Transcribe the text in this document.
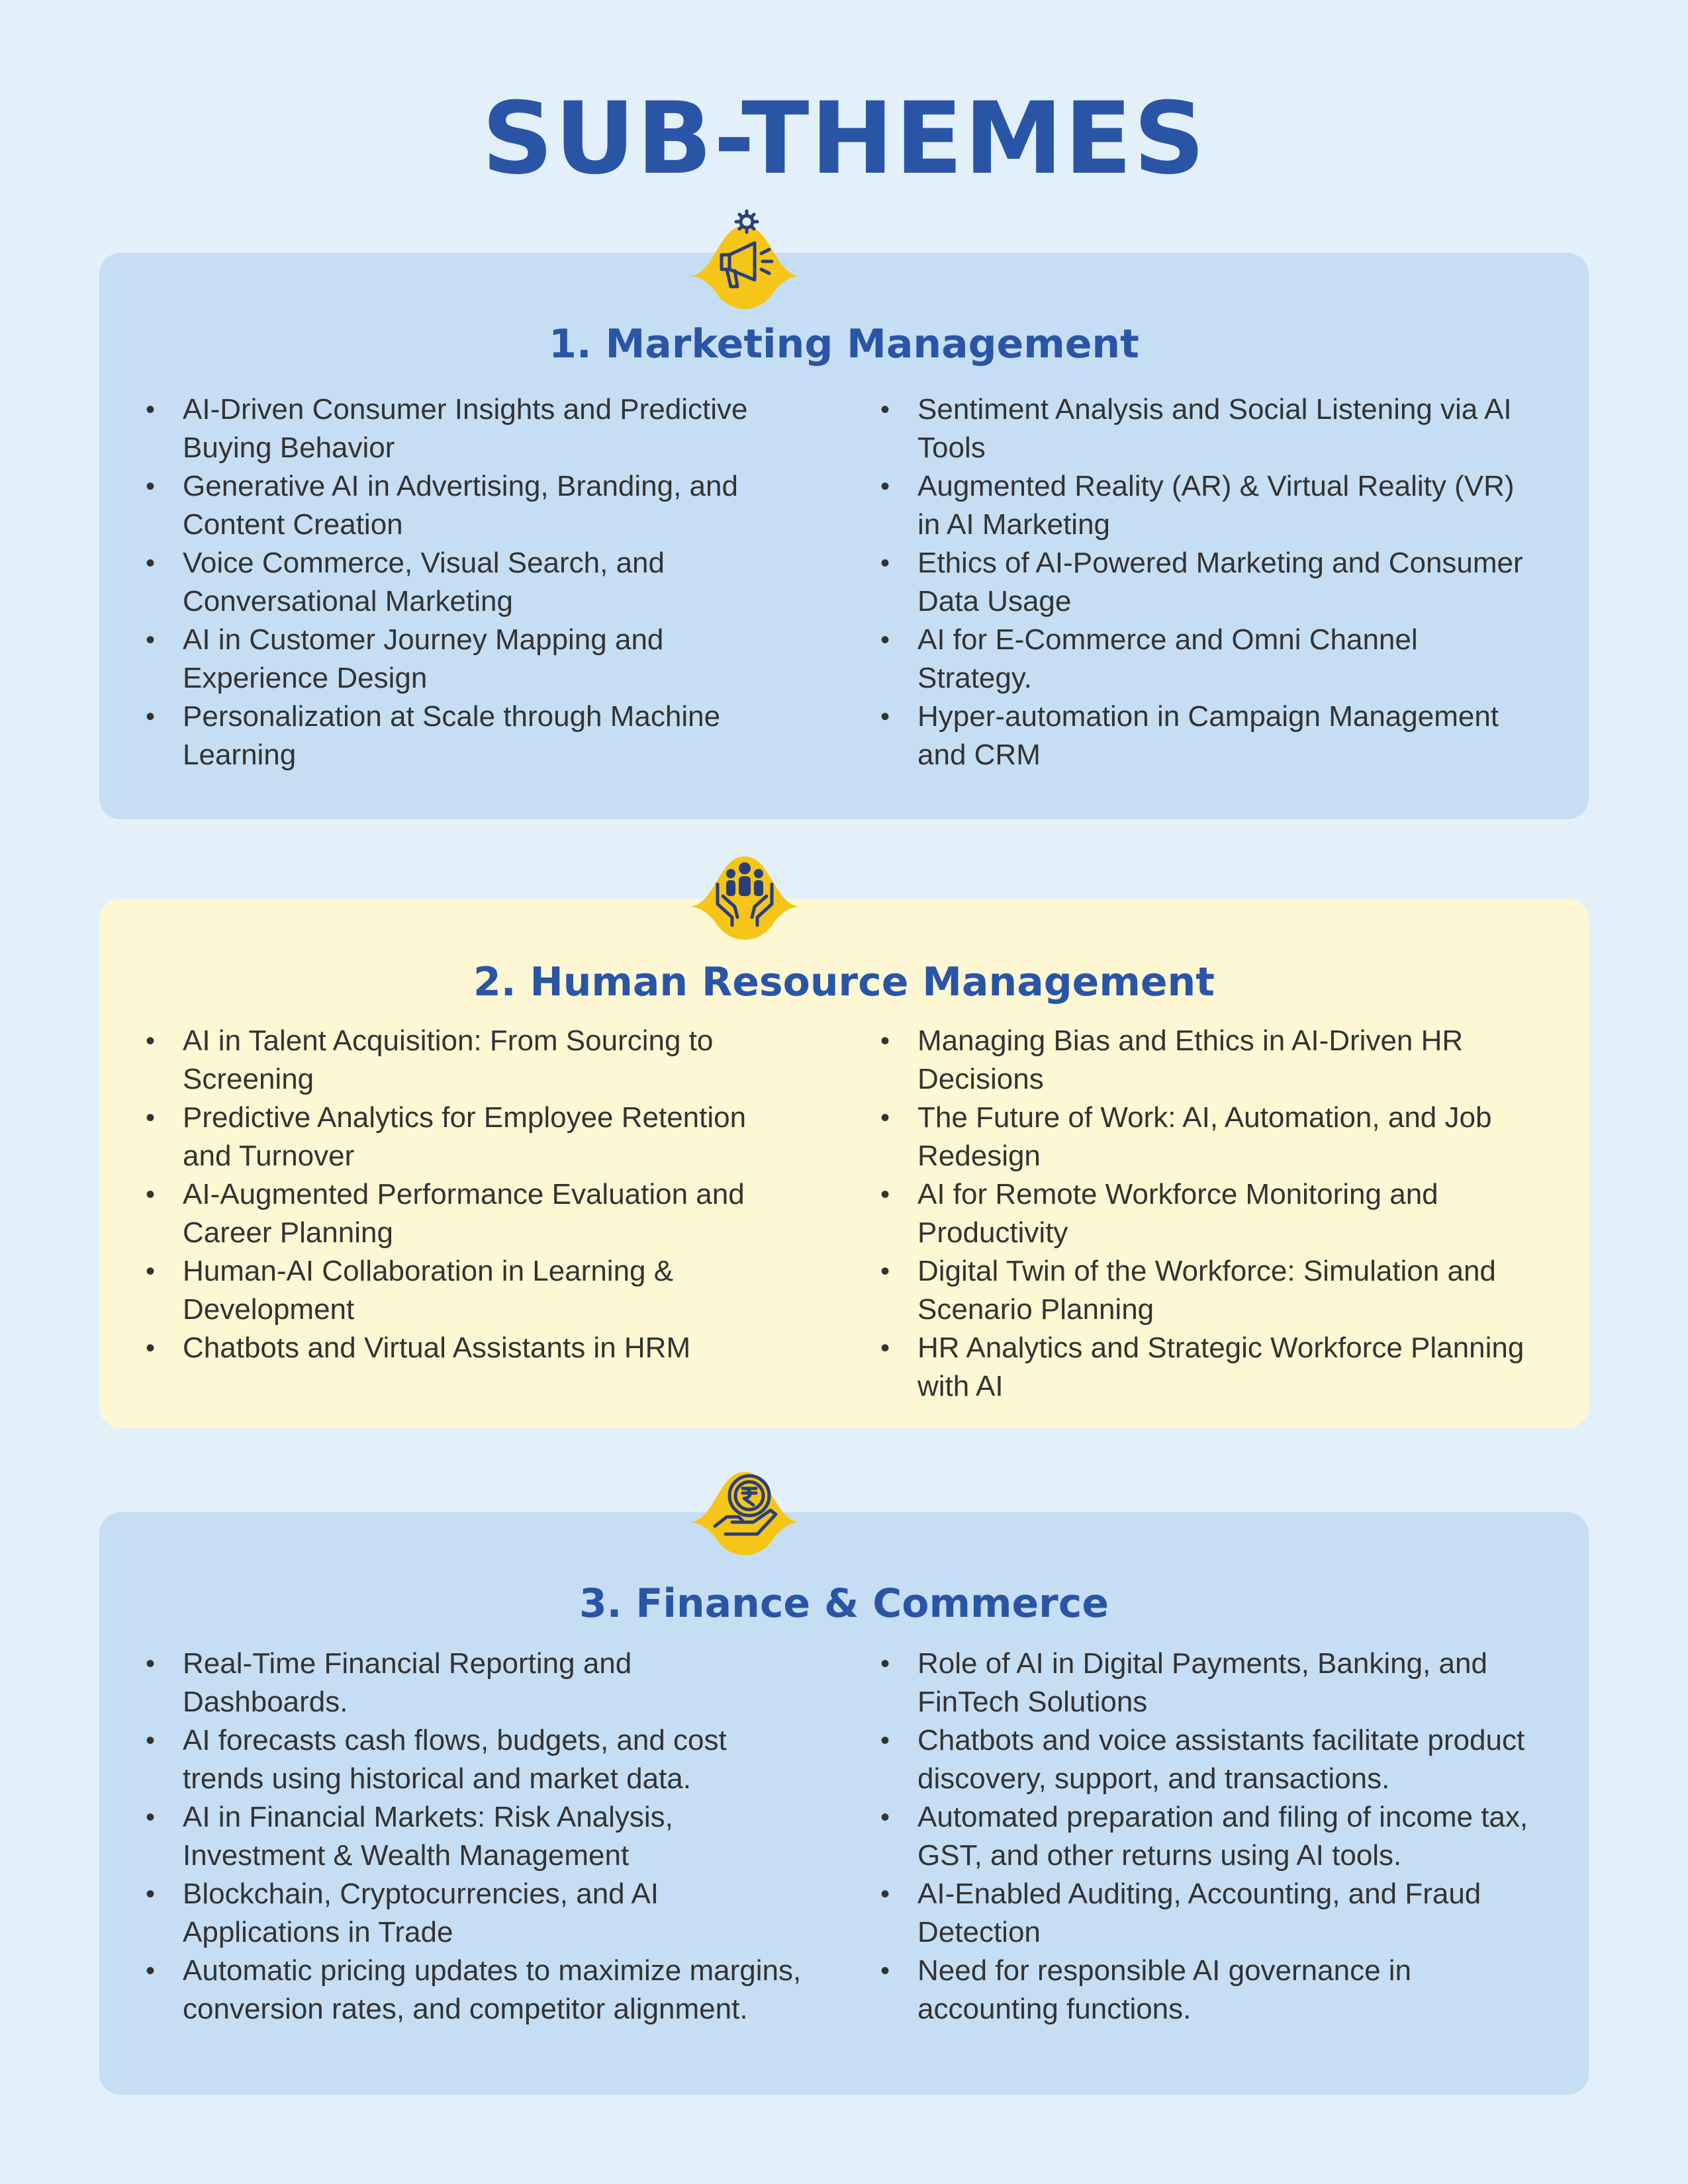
SUB-THEMES
1. Marketing Management
• AI-Driven Consumer Insights and Predictive Buying Behavior
• Generative AI in Advertising, Branding, and Content Creation
• Voice Commerce, Visual Search, and Conversational Marketing
• AI in Customer Journey Mapping and Experience Design
• Personalization at Scale through Machine Learning
• Sentiment Analysis and Social Listening via AI Tools
• Augmented Reality (AR) & Virtual Reality (VR) in AI Marketing
• Ethics of AI-Powered Marketing and Consumer Data Usage
• AI for E-Commerce and Omni Channel Strategy.
• Hyper-automation in Campaign Management and CRM
2. Human Resource Management
• AI in Talent Acquisition: From Sourcing to Screening
• Predictive Analytics for Employee Retention and Turnover
• AI-Augmented Performance Evaluation and Career Planning
• Human-AI Collaboration in Learning & Development
• Chatbots and Virtual Assistants in HRM
• Managing Bias and Ethics in AI-Driven HR Decisions
• The Future of Work: AI, Automation, and Job Redesign
• AI for Remote Workforce Monitoring and Productivity
• Digital Twin of the Workforce: Simulation and Scenario Planning
• HR Analytics and Strategic Workforce Planning with AI
3. Finance & Commerce
• Real-Time Financial Reporting and Dashboards.
• AI forecasts cash flows, budgets, and cost trends using historical and market data.
• AI in Financial Markets: Risk Analysis, Investment & Wealth Management
• Blockchain, Cryptocurrencies, and AI Applications in Trade
• Automatic pricing updates to maximize margins, conversion rates, and competitor alignment.
• Role of AI in Digital Payments, Banking, and FinTech Solutions
• Chatbots and voice assistants facilitate product discovery, support, and transactions.
• Automated preparation and filing of income tax, GST, and other returns using AI tools.
• AI-Enabled Auditing, Accounting, and Fraud Detection
• Need for responsible AI governance in accounting functions.
